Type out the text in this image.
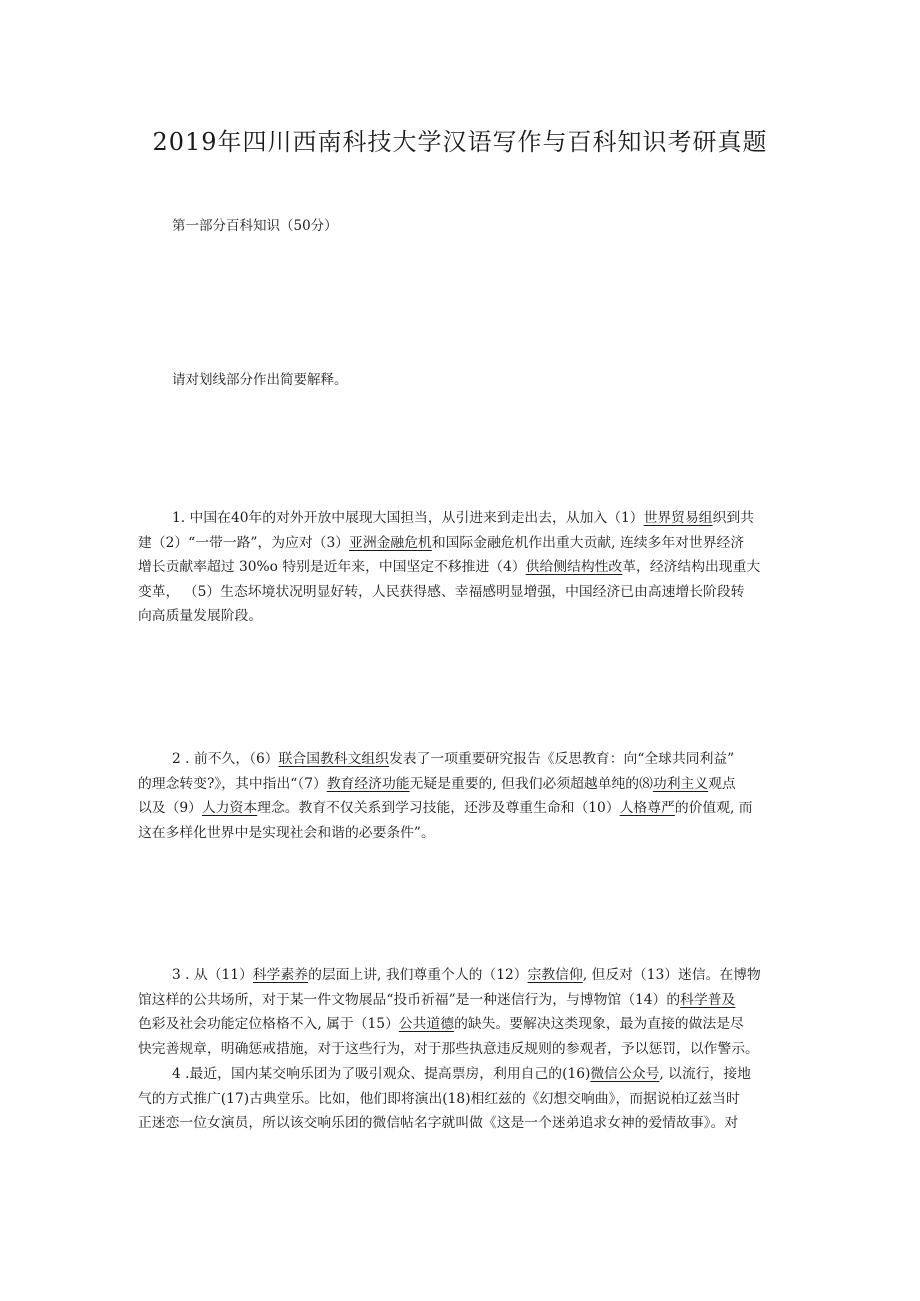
2019年四川西南科技大学汉语写作与百科知识考研真题
第一部分百科知识（50分）
请对划线部分作出简要解释。
1. 中国在40年的对外开放中展现大国担当，从引进来到走出去，从加入（1）世界贸易组织到共
建（2）“一带一路”，为应对（3）亚洲金融危机和国际金融危机作出重大贡献, 连续多年对世界经济
增长贡献率超过 30%o 特别是近年来，中国坚定不移推进（4）供给侧结构性改革，经济结构出现重大
变革， （5）生态坏境状况明显好转，人民获得感、幸福感明显增强，中国经济已由高速增长阶段转
向高质量发展阶段。
2 . 前不久，（6）联合国教科文组织发表了一项重要研究报告《反思教育：向“全球共同利益”
的理念转变?》，其中指出“（7）教育经济功能无疑是重要的, 但我们必须超越单纯的⑻功利主义观点
以及（9）人力资本理念。教育不仅关系到学习技能，还涉及尊重生命和（10）人格尊严的价值观, 而
这在多样化世界中是实现社会和谐的必要条件”。
3 . 从（11）科学素养的层面上讲, 我们尊重个人的（12）宗教信仰, 但反对（13）迷信。在博物
馆这样的公共场所，对于某一件文物展品“投币祈福”是一种迷信行为，与博物馆（14）的科学普及
色彩及社会功能定位格格不入, 属于（15）公共道德的缺失。要解决这类现象，最为直接的做法是尽
快完善规章，明确惩戒措施，对于这些行为，对于那些执意违反规则的参观者，予以惩罚，以作警示。
4 .最近，国内某交响乐团为了吸引观众、提高票房，利用自己的(16)微信公众号, 以流行，接地
气的方式推广(17)古典堂乐。比如，他们即将演出(18)相红兹的《幻想交响曲》，而据说柏辽兹当时
正迷恋一位女演员，所以该交响乐团的微信帖名字就叫做《这是一个迷弟追求女神的爱情故事》。对
